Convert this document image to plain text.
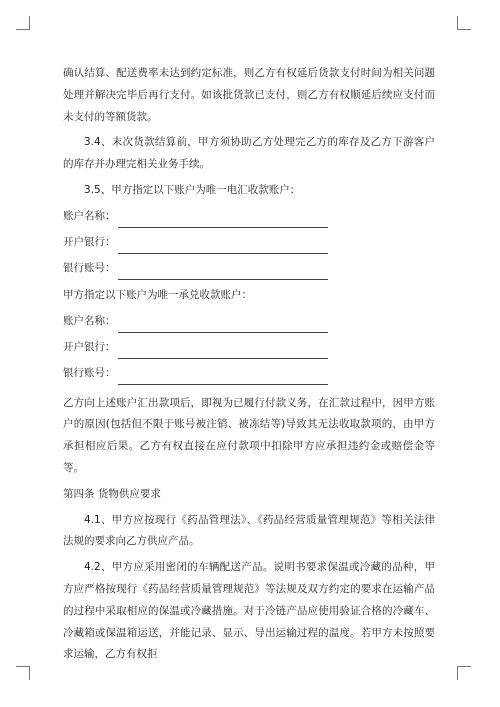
确认结算、配送费率未达到约定标准，则乙方有权延后货款支付时间为相关问题处理并解决完毕后再行支付。如该批货款已支付，则乙方有权顺延后续应支付而未支付的等额货款。

3.4、末次货款结算前，甲方须协助乙方处理完乙方的库存及乙方下游客户的库存并办理完相关业务手续。

3.5、甲方指定以下账户为唯一电汇收款账户：

账户名称：
开户银行：
银行账号：

甲方指定以下账户为唯一承兑收款账户：

账户名称：
开户银行：
银行账号：

乙方向上述账户汇出款项后，即视为已履行付款义务，在汇款过程中，因甲方账户的原因(包括但不限于账号被注销、被冻结等)导致其无法收取款项的，由甲方承担相应后果。乙方有权直接在应付款项中扣除甲方应承担违约金或赔偿金等等。

第四条 货物供应要求

4.1、甲方应按现行《药品管理法》、《药品经营质量管理规范》等相关法律法规的要求向乙方供应产品。

4.2、甲方应采用密闭的车辆配送产品。说明书要求保温或冷藏的品种，甲方应严格按现行《药品经营质量管理规范》等法规及双方约定的要求在运输产品的过程中采取相应的保温或冷藏措施。对于冷链产品应使用验证合格的冷藏车、冷藏箱或保温箱运送，并能记录、显示、导出运输过程的温度。若甲方未按照要求运输，乙方有权拒
